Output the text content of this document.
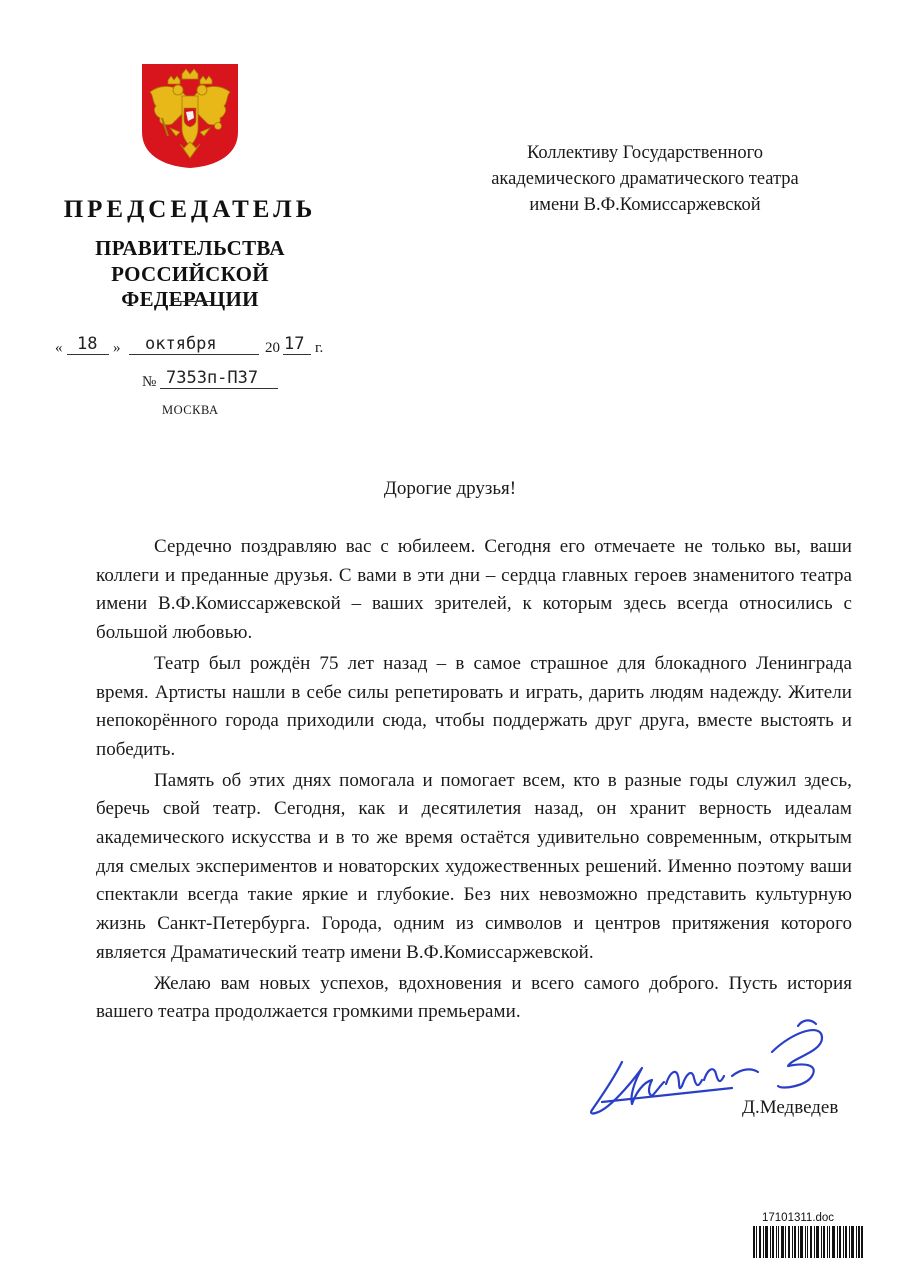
ПРЕДСЕДАТЕЛЬ
ПРАВИТЕЛЬСТВА
РОССИЙСКОЙ ФЕДЕРАЦИИ
« 18 » октября	20 17 г.
№ 7353п-П37
МОСКВА
Коллективу Государственного
академического драматического театра
имени В.Ф.Комиссаржевской
Дорогие друзья!

Сердечно поздравляю вас с юбилеем. Сегодня его отмечаете не только вы, ваши коллеги и преданные друзья. С вами в эти дни – сердца главных героев знаменитого театра имени В.Ф.Комиссаржевской – ваших зрителей, к которым здесь всегда относились с большой любовью.

Театр был рождён 75 лет назад – в самое страшное для блокадного Ленинграда время. Артисты нашли в себе силы репетировать и играть, дарить людям надежду. Жители непокорённого города приходили сюда, чтобы поддержать друг друга, вместе выстоять и победить.

Память об этих днях помогала и помогает всем, кто в разные годы служил здесь, беречь свой театр. Сегодня, как и десятилетия назад, он хранит верность идеалам академического искусства и в то же время остаётся удивительно современным, открытым для смелых экспериментов и новаторских художественных решений. Именно поэтому ваши спектакли всегда такие яркие и глубокие. Без них невозможно представить культурную жизнь Санкт-Петербурга. Города, одним из символов и центров притяжения которого является Драматический театр имени В.Ф.Комиссаржевской.

Желаю вам новых успехов, вдохновения и всего самого доброго. Пусть история вашего театра продолжается громкими премьерами.

Д.Медведев
17101311.doc
